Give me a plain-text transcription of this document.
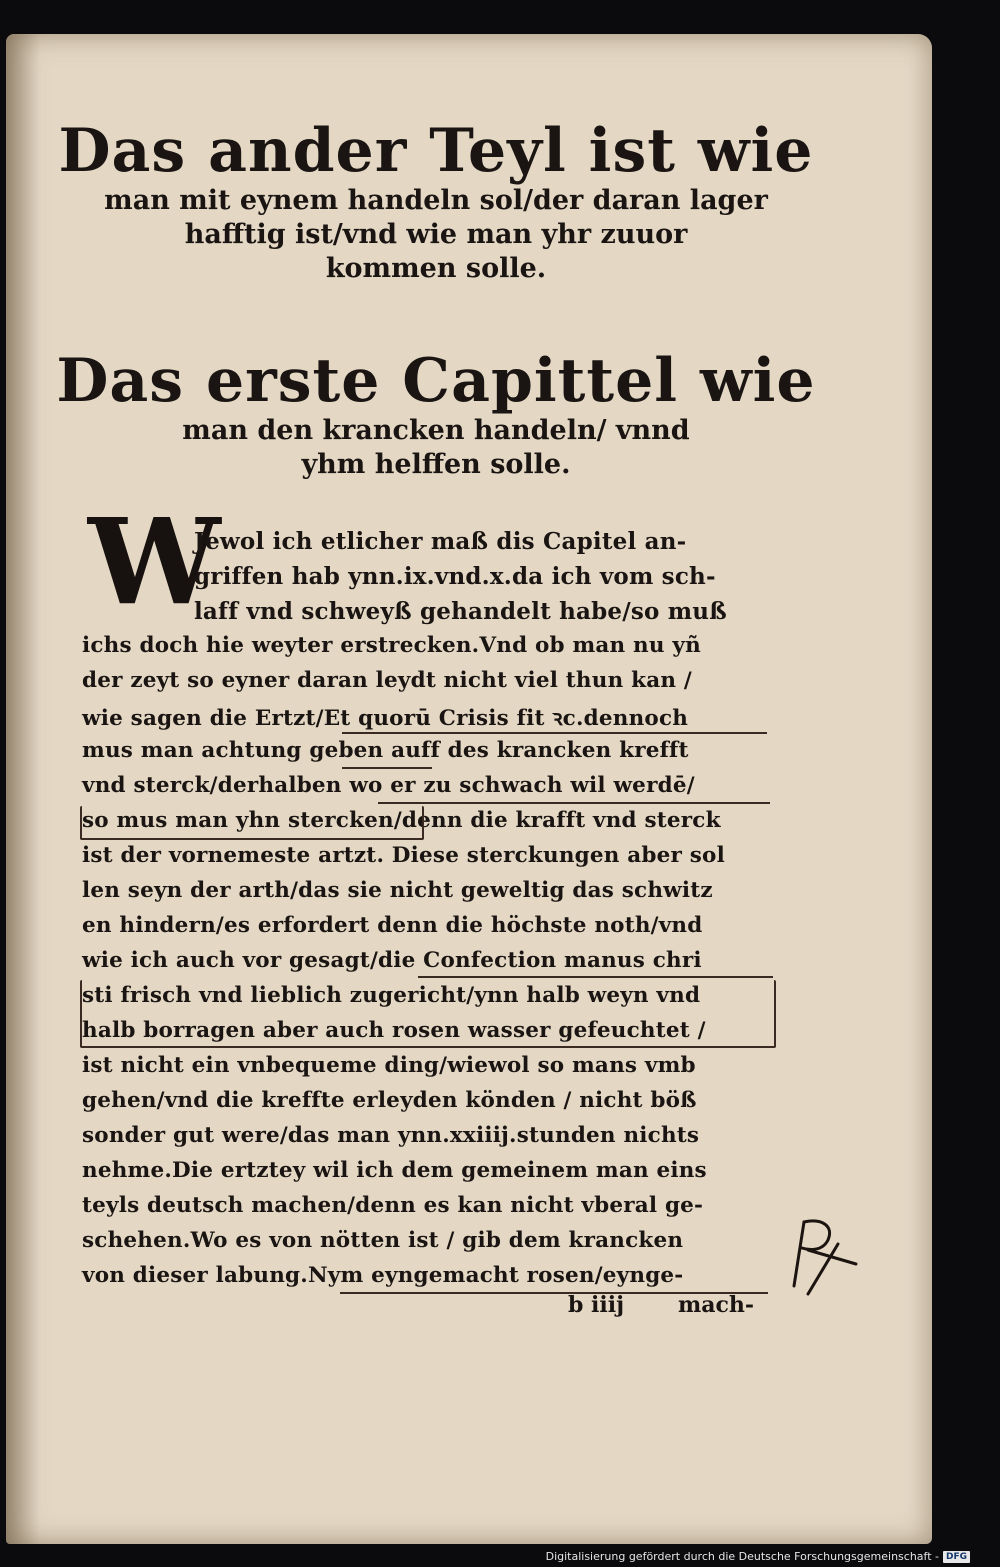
Das ander Teyl ist wie
man mit eynem handeln sol/der daran lager
hafftig ist/vnd wie man yhr zuuor
kommen solle.
Das erste Capittel wie
man den krancken handeln/ vnnd
yhm helffen solle.
W
Jewol ich etlicher maß dis Capitel an-
griffen hab ynn.ix.vnd.x.da ich vom sch-
laff vnd schweyß gehandelt habe/so muß
ichs doch hie weyter erstrecken.Vnd ob man nu yñ
der zeyt so eyner daran leydt nicht viel thun kan /
wie sagen die Ertzt/Et quorū Crisis fit ꝛc.dennoch
mus man achtung geben auff des krancken krefft
vnd sterck/derhalben wo er zu schwach wil werdē/
so mus man yhn stercken/denn die krafft vnd sterck
ist der vornemeste artzt. Diese sterckungen aber sol
len seyn der arth/das sie nicht geweltig das schwitz
en hindern/es erfordert denn die höchste noth/vnd
wie ich auch vor gesagt/die Confection manus chri
sti frisch vnd lieblich zugericht/ynn halb weyn vnd
halb borragen aber auch rosen wasser gefeuchtet /
ist nicht ein vnbequeme ding/wiewol so mans vmb
gehen/vnd die kreffte erleyden könden / nicht böß
sonder gut were/das man ynn.xxiiij.stunden nichts
nehme.Die ertztey wil ich dem gemeinem man eins
teyls deutsch machen/denn es kan nicht vberal ge-
schehen.Wo es von nötten ist / gib dem krancken
von dieser labung.Nym eyngemacht rosen/eynge-
b iiij mach-
Digitalisierung gefördert durch die Deutsche Forschungsgemeinschaft - DFG
